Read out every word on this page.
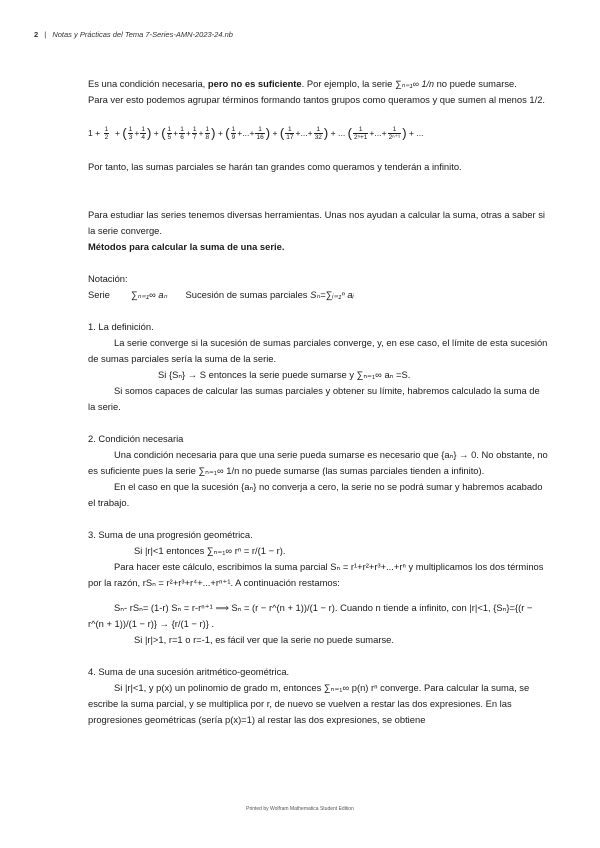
2 | Notas y Prácticas del Tema 7-Series-AMN-2023-24.nb

Es una condición necesaria, pero no es suficiente. Por ejemplo, la serie ∑ₙ₌₁∞ 1/n no puede sumarse.

Para ver esto podemos agrupar términos formando tantos grupos como queramos y que sumen al menos 1/2.

$1 + \frac{1}{2}$ + ( $\frac{1}{3} + \frac{1}{4}$ ) + ( $\frac{1}{5} + \frac{1}{6} + \frac{1}{7} + \frac{1}{8}$ ) + ( $\frac{1}{9}$ +...+ $\frac{1}{16}$ ) + ( $\frac{1}{17}$ +...+ $\frac{1}{32}$ ) + ... ( $\frac{1}{\text{2ⁿ+1}}$ +...+ $\frac{1}{\text{2ⁿ⁺¹}}$ ) + ...

Por tanto, las sumas parciales se harán tan grandes como queramos y tenderán a infinito.

Para estudiar las series tenemos diversas herramientas. Unas nos ayudan a calcular la suma, otras a saber si la serie converge.

Métodos para calcular la suma de una serie.

Notación:

Serie ∑ₙ₌₁∞ aₙ Sucesión de sumas parciales Sₙ=∑ᵢ₌₁ⁿ aᵢ

1. La definición.

La serie converge si la sucesión de sumas parciales converge, y, en ese caso, el límite de esta sucesión de sumas parciales sería la suma de la serie.

Si {Sₙ} → S entonces la serie puede sumarse y ∑ₙ₌₁∞ aₙ =S.

Si somos capaces de calcular las sumas parciales y obtener su límite, habremos calculado la suma de la serie.

2. Condición necesaria

Una condición necesaria para que una serie pueda sumarse es necesario que {aₙ} → 0. No obstante, no es suficiente pues la serie ∑ₙ₌₁∞ 1/n no puede sumarse (las sumas parciales tienden a infinito).

En el caso en que la sucesión {aₙ} no converja a cero, la serie no se podrá sumar y habremos acabado el trabajo.

3. Suma de una progresión geométrica.

Si |r|<1 entonces ∑ₙ₌₁∞ rⁿ = r/(1 − r).

Para hacer este cálculo, escribimos la suma parcial Sₙ = r¹+r²+r³+...+rⁿ y multiplicamos los dos términos por la razón, rSₙ = r²+r³+r⁴+...+rⁿ⁺¹. A continuación restamos:

Sₙ- rSₙ= (1-r) Sₙ = r-rⁿ⁺¹ ⟹ Sₙ = (r − r^(n + 1))/(1 − r). Cuando n tiende a infinito, con |r|<1, {Sₙ}={(r − r^(n + 1))/(1 − r)} → {r/(1 − r)} .

Si |r|>1, r=1 o r=-1, es fácil ver que la serie no puede sumarse.

4. Suma de una sucesión aritmético-geométrica.

Si |r|<1, y p(x) un polinomio de grado m, entonces ∑ₙ₌₁∞ p(n) rⁿ converge. Para calcular la suma, se escribe la suma parcial, y se multiplica por r, de nuevo se vuelven a restar las dos expresiones. En las progresiones geométricas (sería p(x)=1) al restar las dos expresiones, se obtiene

Printed by Wolfram Mathematica Student Edition
